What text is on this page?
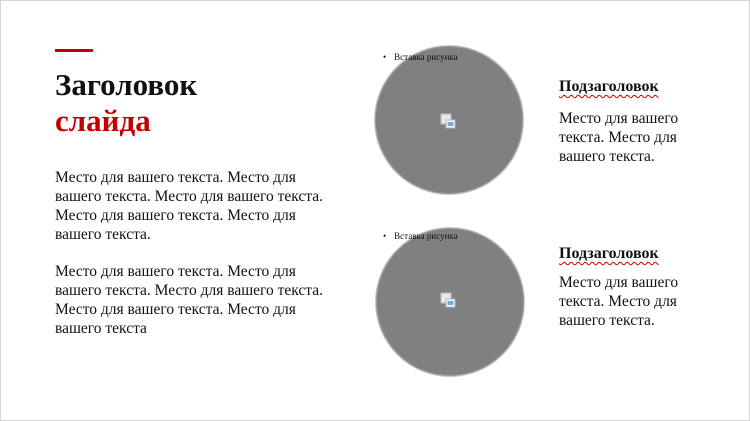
Заголовок
слайда
Место для вашего текста. Место для вашего текста. Место для вашего текста. Место для вашего текста. Место для вашего текста.
Место для вашего текста. Место для вашего текста. Место для вашего текста. Место для вашего текста. Место для вашего текста
• Вставка рисунка
Подзаголовок
Место для вашего текста. Место для вашего текста.
• Вставка рисунка
Подзаголовок
Место для вашего текста. Место для вашего текста.
